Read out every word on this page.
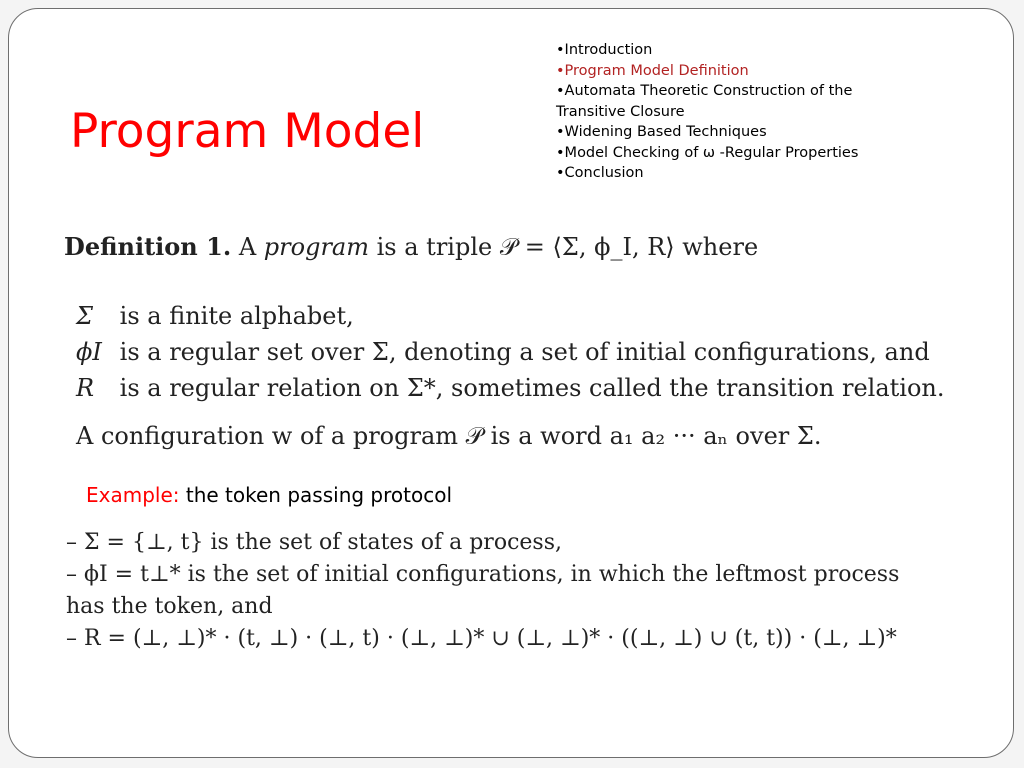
Program Model
•Introduction
•Program Model Definition
•Automata Theoretic Construction of the Transitive Closure
•Widening Based Techniques
•Model Checking of ω -Regular Properties
•Conclusion
Definition 1. A program is a triple 𝒫 = ⟨Σ, ϕ_I, R⟩ where
Σ is a finite alphabet,
ϕI is a regular set over Σ, denoting a set of initial configurations, and
R is a regular relation on Σ*, sometimes called the transition relation.
A configuration w of a program 𝒫 is a word a₁ a₂ ··· aₙ over Σ.
Example: the token passing protocol
– Σ = {⊥, t} is the set of states of a process,
– ϕI = t⊥* is the set of initial configurations, in which the leftmost process
has the token, and
– R = (⊥, ⊥)* · (t, ⊥) · (⊥, t) · (⊥, ⊥)* ∪ (⊥, ⊥)* · ((⊥, ⊥) ∪ (t, t)) · (⊥, ⊥)*
